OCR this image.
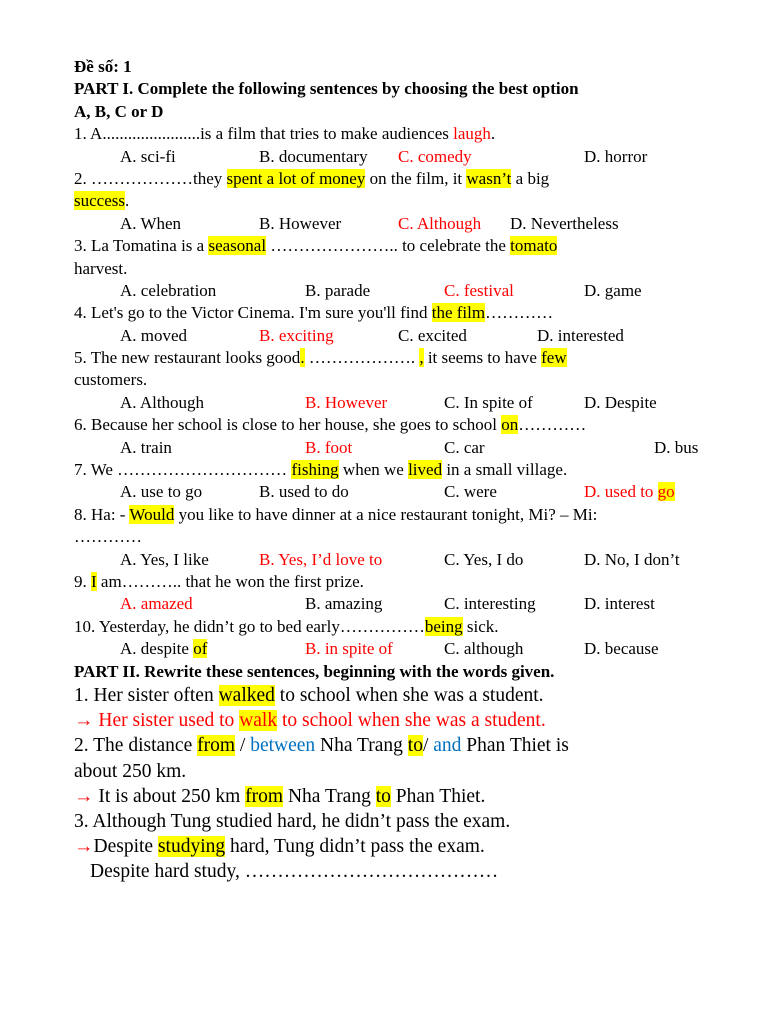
Đề số: 1
PART I. Complete the following sentences by choosing the best option
A, B, C or D
1. A.......................is a film that tries to make audiences laugh.
A. sci-fi	B. documentary C. comedy	D. horror
2. ………………they spent a lot of money on the film, it wasn’t a big
success.
A. When	B. However	C. Although D. Nevertheless
3. La Tomatina is a seasonal ………………….. to celebrate the tomato
harvest.
A. celebration	B. parade	C. festival	D. game
4. Let's go to the Victor Cinema. I'm sure you'll find the film…………
A. moved	B. exciting	C. excited	D. interested
5. The new restaurant looks good. ………………. , it seems to have few
customers.
A. Although	B. However	C. In spite of	D. Despite
6. Because her school is close to her house, she goes to school on…………
A. train	B. foot	C. car	D. bus
7. We ………………………… fishing when we lived in a small village.
A. use to go	B. used to do	C. were	D. used to go
8. Ha: - Would you like to have dinner at a nice restaurant tonight, Mi? – Mi:
…………
A. Yes, I like	B. Yes, I’d love to	C. Yes, I do	D. No, I don’t
9. I am……….. that he won the first prize.
A. amazed	B. amazing	C. interesting	D. interest
10. Yesterday, he didn’t go to bed early……………being sick.
A. despite of	B. in spite of	C. although	D. because
PART II. Rewrite these sentences, beginning with the words given.
1. Her sister often walked to school when she was a student.
→ Her sister used to walk to school when she was a student.
2. The distance from / between Nha Trang to/ and Phan Thiet is
about 250 km.
→ It is about 250 km from Nha Trang to Phan Thiet.
3. Although Tung studied hard, he didn’t pass the exam.
→Despite studying hard, Tung didn’t pass the exam.
Despite hard study, …………………………………
